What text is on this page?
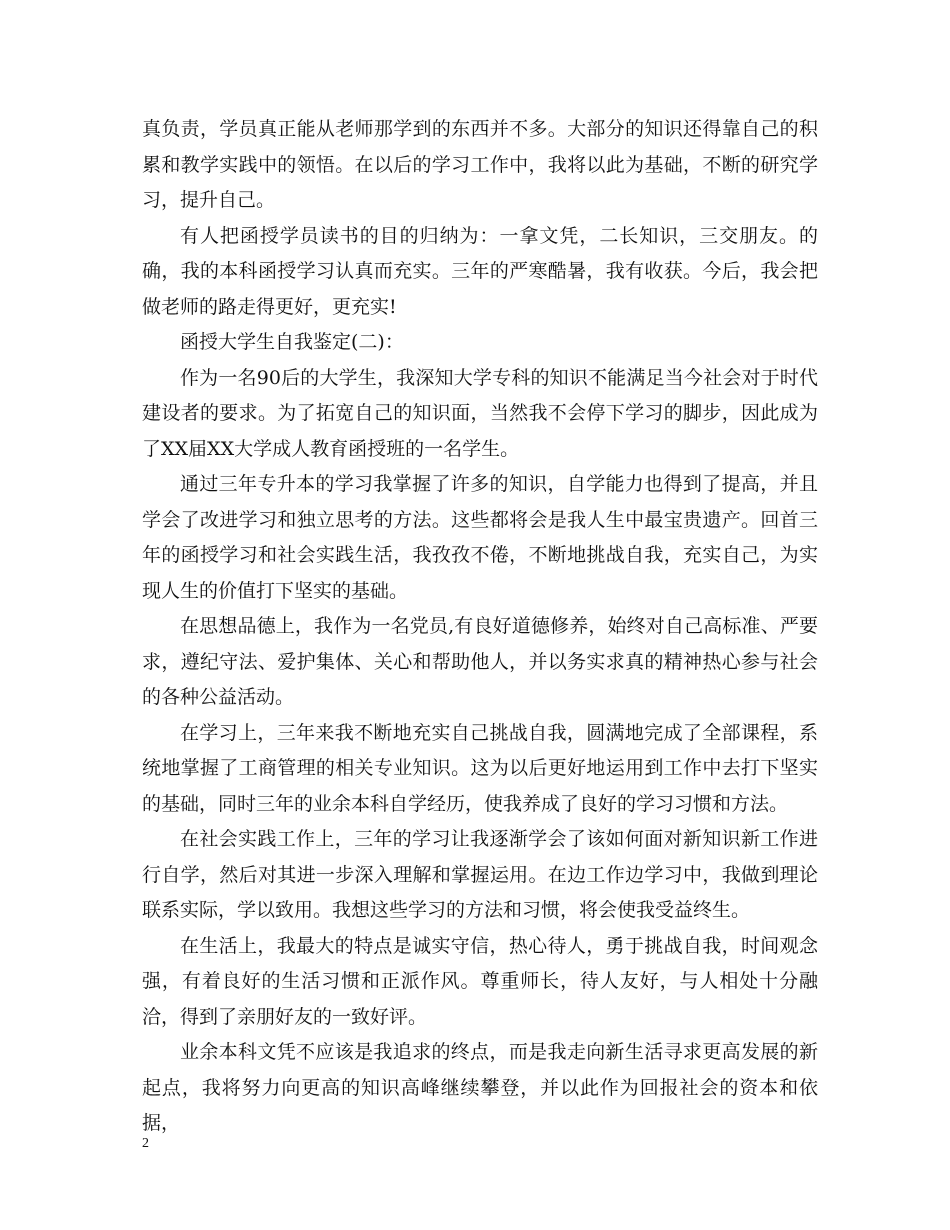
真负责，学员真正能从老师那学到的东西并不多。大部分的知识还得靠自己的积累和教学实践中的领悟。在以后的学习工作中，我将以此为基础，不断的研究学习，提升自己。

有人把函授学员读书的目的归纳为：一拿文凭，二长知识，三交朋友。的确，我的本科函授学习认真而充实。三年的严寒酷暑，我有收获。今后，我会把做老师的路走得更好，更充实!

函授大学生自我鉴定(二)：

作为一名90后的大学生，我深知大学专科的知识不能满足当今社会对于时代建设者的要求。为了拓宽自己的知识面，当然我不会停下学习的脚步，因此成为了XX届XX大学成人教育函授班的一名学生。

通过三年专升本的学习我掌握了许多的知识，自学能力也得到了提高，并且学会了改进学习和独立思考的方法。这些都将会是我人生中最宝贵遗产。回首三年的函授学习和社会实践生活，我孜孜不倦，不断地挑战自我，充实自己，为实现人生的价值打下坚实的基础。

在思想品德上，我作为一名党员,有良好道德修养，始终对自己高标准、严要求，遵纪守法、爱护集体、关心和帮助他人，并以务实求真的精神热心参与社会的各种公益活动。

在学习上，三年来我不断地充实自己挑战自我，圆满地完成了全部课程，系统地掌握了工商管理的相关专业知识。这为以后更好地运用到工作中去打下坚实的基础，同时三年的业余本科自学经历，使我养成了良好的学习习惯和方法。

在社会实践工作上，三年的学习让我逐渐学会了该如何面对新知识新工作进行自学，然后对其进一步深入理解和掌握运用。在边工作边学习中，我做到理论联系实际，学以致用。我想这些学习的方法和习惯，将会使我受益终生。

在生活上，我最大的特点是诚实守信，热心待人，勇于挑战自我，时间观念强，有着良好的生活习惯和正派作风。尊重师长，待人友好，与人相处十分融洽，得到了亲朋好友的一致好评。

业余本科文凭不应该是我追求的终点，而是我走向新生活寻求更高发展的新起点，我将努力向更高的知识高峰继续攀登，并以此作为回报社会的资本和依据，

2
